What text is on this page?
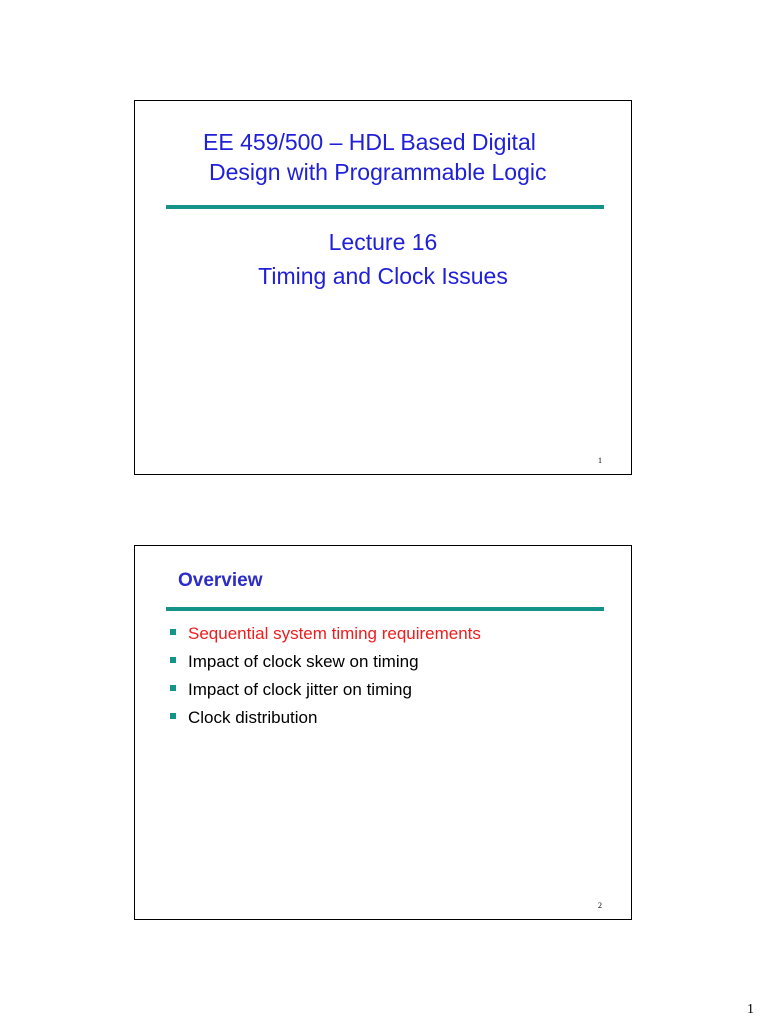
EE 459/500 – HDL Based Digital
Design with Programmable Logic
Lecture 16
Timing and Clock Issues
1
Overview
Sequential system timing requirements
Impact of clock skew on timing
Impact of clock jitter on timing
Clock distribution
2
1
